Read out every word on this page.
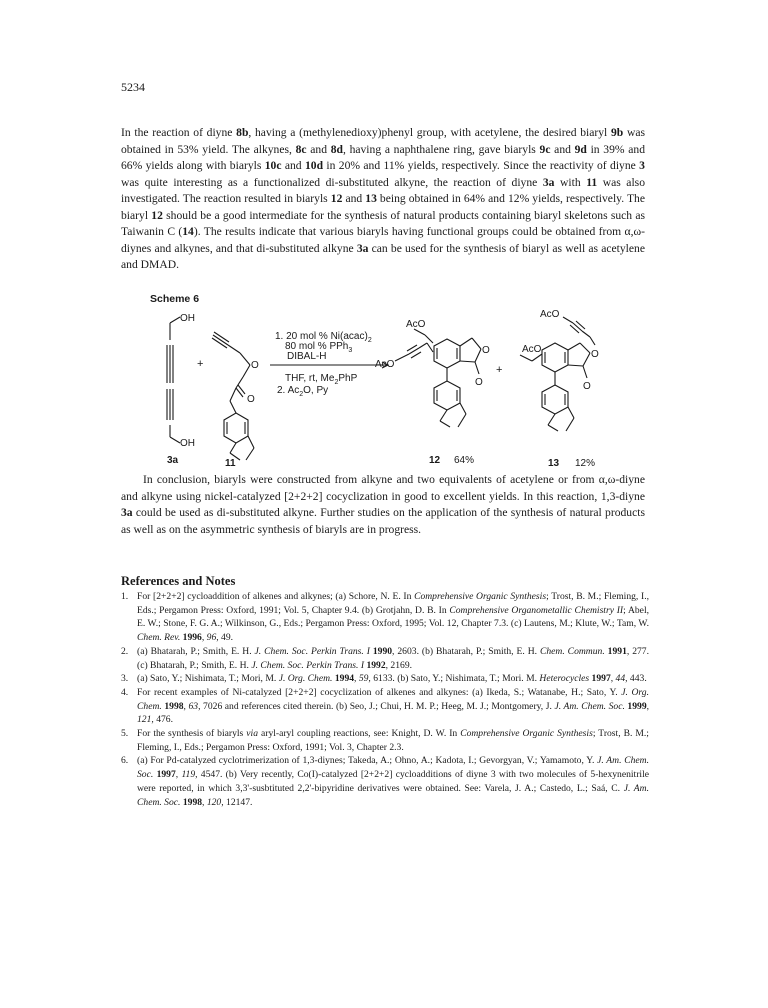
5234

In the reaction of diyne 8b, having a (methylenedioxy)phenyl group, with acetylene, the desired biaryl 9b was obtained in 53% yield. The alkynes, 8c and 8d, having a naphthalene ring, gave biaryls 9c and 9d in 39% and 66% yields along with biaryls 10c and 10d in 20% and 11% yields, respectively. Since the reactivity of diyne 3 was quite interesting as a functionalized di-substituted alkyne, the reaction of diyne 3a with 11 was also investigated. The reaction resulted in biaryls 12 and 13 being obtained in 64% and 12% yields, respectively. The biaryl 12 should be a good intermediate for the synthesis of natural products containing biaryl skeletons such as Taiwanin C (14). The results indicate that various biaryls having functional groups could be obtained from α,ω-diynes and alkynes, and that di-substituted alkyne 3a can be used for the synthesis of biaryl as well as acetylene and DMAD.

Scheme 6
OH
OH
+	O
O
1. 20 mol % $Ni(acac)_2$
80 mol % PPh$_3$
DIBAL-H
THF, rt, $Me_2PhP$
2. $Ac_2O$, Py
AcO
AcO
O
O
+
AcO
AcO	O
O
3a	11	12 64%	13 12%

In conclusion, biaryls were constructed from alkyne and two equivalents of acetylene or from α,ω-diyne and alkyne using nickel-catalyzed [2+2+2] cocyclization in good to excellent yields. In this reaction, 1,3-diyne 3a could be used as di-substituted alkyne. Further studies on the application of the synthesis of natural products as well as on the asymmetric synthesis of biaryls are in progress.

References and Notes
1. For [2+2+2] cycloaddition of alkenes and alkynes; (a) Schore, N. E. In Comprehensive Organic Synthesis; Trost, B. M.; Fleming, I., Eds.; Pergamon Press: Oxford, 1991; Vol. 5, Chapter 9.4. (b) Grotjahn, D. B. In Comprehensive Organometallic Chemistry II; Abel, E. W.; Stone, F. G. A.; Wilkinson, G., Eds.; Pergamon Press: Oxford, 1995; Vol. 12, Chapter 7.3. (c) Lautens, M.; Klute, W.; Tam, W. Chem. Rev. 1996, 96, 49.
2. (a) Bhatarah, P.; Smith, E. H. J. Chem. Soc. Perkin Trans. I 1990, 2603. (b) Bhatarah, P.; Smith, E. H. Chem. Commun. 1991, 277. (c) Bhatarah, P.; Smith, E. H. J. Chem. Soc. Perkin Trans. I 1992, 2169.
3. (a) Sato, Y.; Nishimata, T.; Mori, M. J. Org. Chem. 1994, 59, 6133. (b) Sato, Y.; Nishimata, T.; Mori. M. Heterocycles 1997, 44, 443.
4. For recent examples of Ni-catalyzed [2+2+2] cocyclization of alkenes and alkynes: (a) Ikeda, S.; Watanabe, H.; Sato, Y. J. Org. Chem. 1998, 63, 7026 and references cited therein. (b) Seo, J.; Chui, H. M. P.; Heeg, M. J.; Montgomery, J. J. Am. Chem. Soc. 1999, 121, 476.
5. For the synthesis of biaryls via aryl-aryl coupling reactions, see: Knight, D. W. In Comprehensive Organic Synthesis; Trost, B. M.; Fleming, I., Eds.; Pergamon Press: Oxford, 1991; Vol. 3, Chapter 2.3.
6. (a) For Pd-catalyzed cyclotrimerization of 1,3-diynes; Takeda, A.; Ohno, A.; Kadota, I.; Gevorgyan, V.; Yamamoto, Y. J. Am. Chem. Soc. 1997, 119, 4547. (b) Very recently, Co(I)-catalyzed [2+2+2] cycloadditions of diyne 3 with two molecules of 5-hexynenitrile were reported, in which 3,3'-susbtituted 2,2'-bipyridine derivatives were obtained. See: Varela, J. A.; Castedo, L.; Saá, C. J. Am. Chem. Soc. 1998, 120, 12147.
